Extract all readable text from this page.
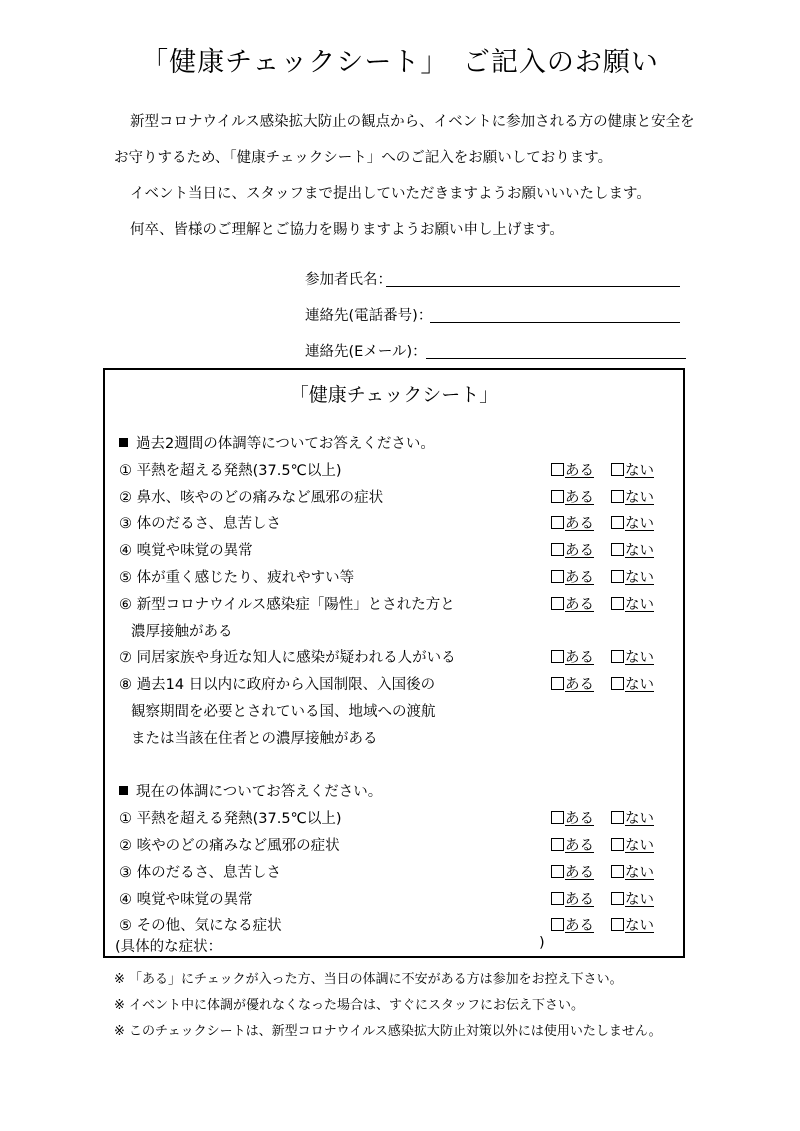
「健康チェックシート」　ご記入のお願い
新型コロナウイルス感染拡大防止の観点から、イベントに参加される方の健康と安全を
お守りするため、「健康チェックシート」へのご記入をお願いしております。
イベント当日に、スタッフまで提出していただきますようお願いいいたします。
何卒、皆様のご理解とご協力を賜りますようお願い申し上げます。
参加者氏名：
連絡先(電話番号)：
連絡先(Eメール)：
「健康チェックシート」
過去2週間の体調等についてお答えください。
① 平熱を超える発熱(37.5℃以上)	ある	ない
② 鼻水、咳やのどの痛みなど風邪の症状	ある	ない
③ 体のだるさ、息苦しさ	ある	ない
④ 嗅覚や味覚の異常	ある	ない
⑤ 体が重く感じたり、疲れやすい等	ある	ない
⑥ 新型コロナウイルス感染症「陽性」とされた方と	ある	ない
濃厚接触がある
⑦ 同居家族や身近な知人に感染が疑われる人がいる	ある	ない
⑧ 過去14 日以内に政府から入国制限、入国後の	ある	ない
観察期間を必要とされている国、地域への渡航
または当該在住者との濃厚接触がある
現在の体調についてお答えください。
① 平熱を超える発熱(37.5℃以上)	ある	ない
② 咳やのどの痛みなど風邪の症状	ある	ない
③ 体のだるさ、息苦しさ	ある	ない
④ 嗅覚や味覚の異常	ある	ない
⑤ その他、気になる症状	ある	ない
(具体的な症状：	)
※ 「ある」にチェックが入った方、当日の体調に不安がある方は参加をお控え下さい。
※ イベント中に体調が優れなくなった場合は、すぐにスタッフにお伝え下さい。
※ このチェックシートは、新型コロナウイルス感染拡大防止対策以外には使用いたしません。
